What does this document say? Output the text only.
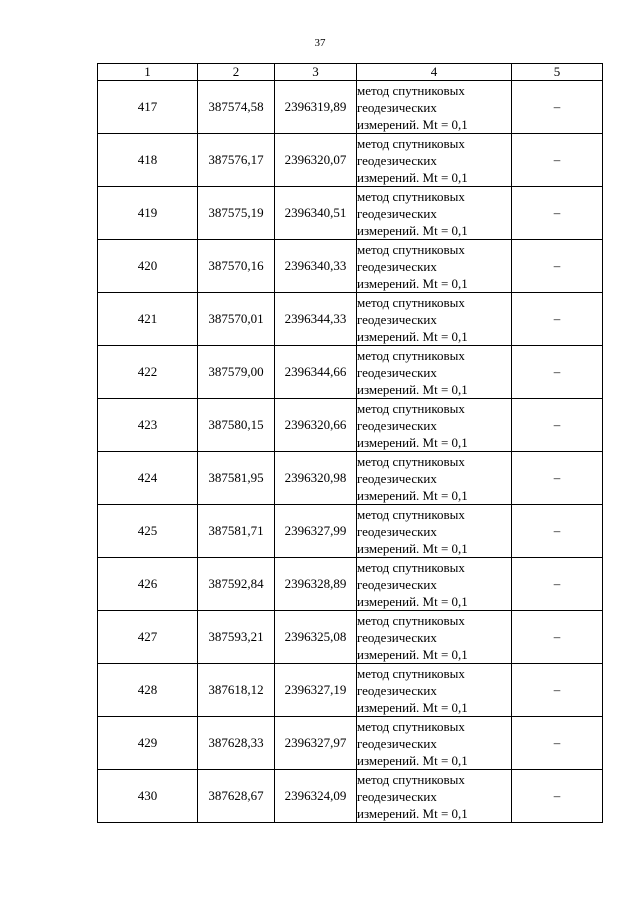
37
1	2	3	4	5
417	387574,58	2396319,89	метод спутниковых
геодезических
измерений. Mt = 0,1	–
418	387576,17	2396320,07	метод спутниковых
геодезических
измерений. Mt = 0,1	–
419	387575,19	2396340,51	метод спутниковых
геодезических
измерений. Mt = 0,1	–
420	387570,16	2396340,33	метод спутниковых
геодезических
измерений. Mt = 0,1	–
421	387570,01	2396344,33	метод спутниковых
геодезических
измерений. Mt = 0,1	–
422	387579,00	2396344,66	метод спутниковых
геодезических
измерений. Mt = 0,1	–
423	387580,15	2396320,66	метод спутниковых
геодезических
измерений. Mt = 0,1	–
424	387581,95	2396320,98	метод спутниковых
геодезических
измерений. Mt = 0,1	–
425	387581,71	2396327,99	метод спутниковых
геодезических
измерений. Mt = 0,1	–
426	387592,84	2396328,89	метод спутниковых
геодезических
измерений. Mt = 0,1	–
427	387593,21	2396325,08	метод спутниковых
геодезических
измерений. Mt = 0,1	–
428	387618,12	2396327,19	метод спутниковых
геодезических
измерений. Mt = 0,1	–
429	387628,33	2396327,97	метод спутниковых
геодезических
измерений. Mt = 0,1	–
430	387628,67	2396324,09	метод спутниковых
геодезических
измерений. Mt = 0,1	–
